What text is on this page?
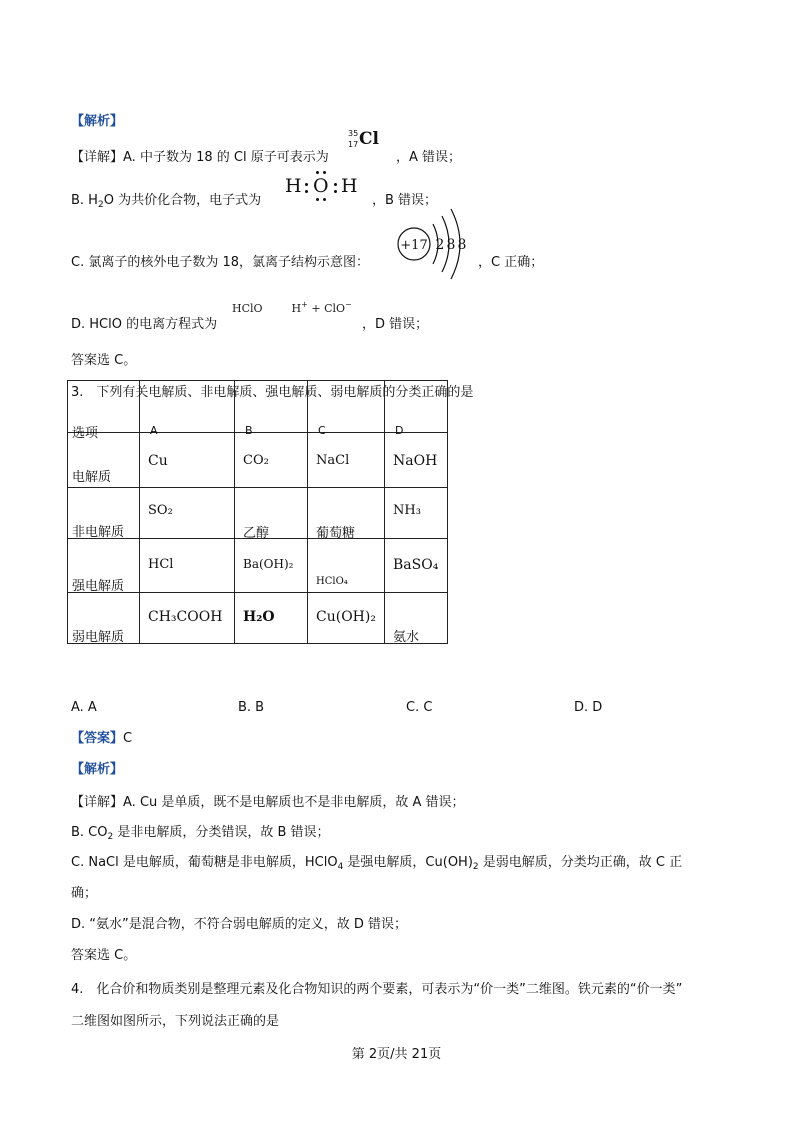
【解析】
【详解】A. 中子数为 18 的 Cl 原子可表示为
35
17 Cl
，A 错误；
B. $H_2O$ 为共价化合物，电子式为
H O H
，B 错误；
C. 氯离子的核外电子数为 18，氯离子结构示意图：
+17 2 8 8
，C 正确；
D. HClO 的电离方程式为
HClO	H+ + ClO−
，D 错误；
答案选 C。
3.　下列有关电解质、非电解质、强电解质、弱电解质的分类正确的是
选项	A	B	C	D

电解质	Cu	CO₂	NaCl	NaOH

非电解质	SO₂	乙醇	葡萄糖	NH₃

强电解质	HCl	Ba(OH)₂	HClO₄	BaSO₄

弱电解质	CH₃COOH	H₂O	Cu(OH)₂	氨水
A. A	B. B	C. C	D. D
【答案】C
【解析】
【详解】A. Cu 是单质，既不是电解质也不是非电解质，故 A 错误；
B. $CO_2$ 是非电解质，分类错误，故 B 错误；
C. NaCl 是电解质，葡萄糖是非电解质，HClO$_4$ 是强电解质，$Cu(OH)_2$ 是弱电解质，分类均正确，故 C 正
确；
D. “氨水”是混合物，不符合弱电解质的定义，故 D 错误；
答案选 C。
4.　化合价和物质类别是整理元素及化合物知识的两个要素，可表示为“价一类”二维图。铁元素的“价一类”
二维图如图所示，下列说法正确的是
第 2页/共 21页
